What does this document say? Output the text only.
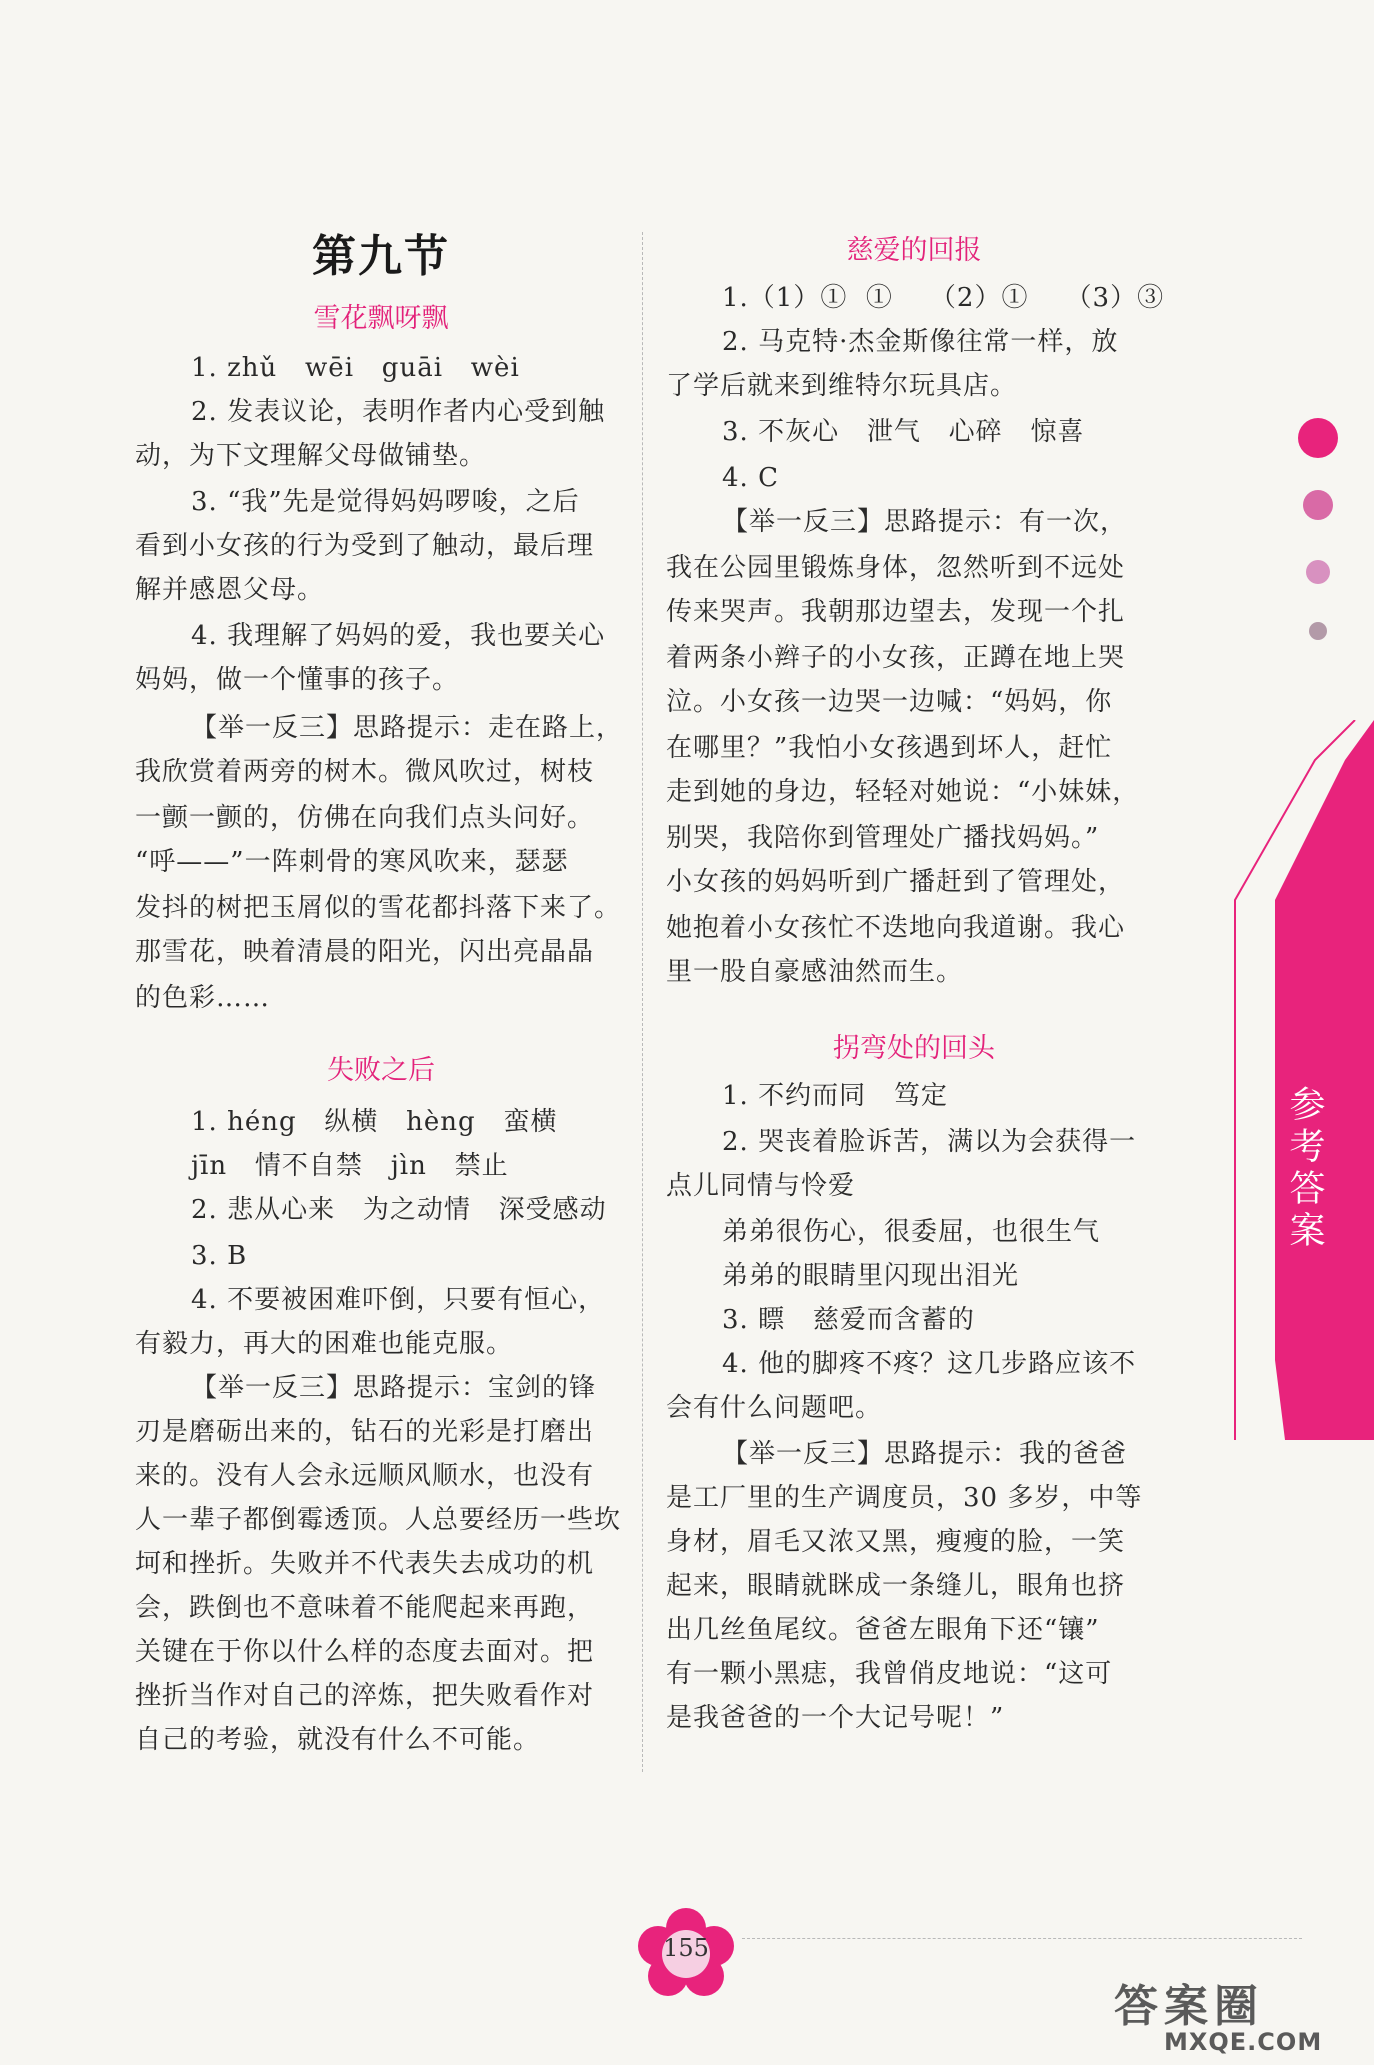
第九节
雪花飘呀飘
1. zhǔ   wēi   guāi   wèi
2. 发表议论，表明作者内心受到触
动，为下文理解父母做铺垫。
3. “我”先是觉得妈妈啰唆，之后
看到小女孩的行为受到了触动，最后理
解并感恩父母。
4. 我理解了妈妈的爱，我也要关心
妈妈，做一个懂事的孩子。
【举一反三】思路提示：走在路上，
我欣赏着两旁的树木。微风吹过，树枝
一颤一颤的，仿佛在向我们点头问好。
“呼——”一阵刺骨的寒风吹来，瑟瑟
发抖的树把玉屑似的雪花都抖落下来了。
那雪花，映着清晨的阳光，闪出亮晶晶
的色彩……
失败之后
1. héng   纵横   hèng   蛮横
jīn   情不自禁   jìn   禁止
2. 悲从心来   为之动情   深受感动
3. B
4. 不要被困难吓倒，只要有恒心，
有毅力，再大的困难也能克服。
【举一反三】思路提示：宝剑的锋
刃是磨砺出来的，钻石的光彩是打磨出
来的。没有人会永远顺风顺水，也没有
人一辈子都倒霉透顶。人总要经历一些坎
坷和挫折。失败并不代表失去成功的机
会，跌倒也不意味着不能爬起来再跑，
关键在于你以什么样的态度去面对。把
挫折当作对自己的淬炼，把失败看作对
自己的考验，就没有什么不可能。
慈爱的回报
1.（1）①  ①    （2）①    （3）③
2. 马克特·杰金斯像往常一样，放
了学后就来到维特尔玩具店。
3. 不灰心   泄气   心碎   惊喜
4. C
【举一反三】思路提示：有一次，
我在公园里锻炼身体，忽然听到不远处
传来哭声。我朝那边望去，发现一个扎
着两条小辫子的小女孩，正蹲在地上哭
泣。小女孩一边哭一边喊：“妈妈，你
在哪里？”我怕小女孩遇到坏人，赶忙
走到她的身边，轻轻对她说：“小妹妹，
别哭，我陪你到管理处广播找妈妈。”
小女孩的妈妈听到广播赶到了管理处，
她抱着小女孩忙不迭地向我道谢。我心
里一股自豪感油然而生。
拐弯处的回头
1. 不约而同   笃定
2. 哭丧着脸诉苦，满以为会获得一
点儿同情与怜爱
弟弟很伤心，很委屈，也很生气
弟弟的眼睛里闪现出泪光
3. 瞟   慈爱而含蓄的
4. 他的脚疼不疼？这几步路应该不
会有什么问题吧。
【举一反三】思路提示：我的爸爸
是工厂里的生产调度员，30 多岁，中等
身材，眉毛又浓又黑，瘦瘦的脸，一笑
起来，眼睛就眯成一条缝儿，眼角也挤
出几丝鱼尾纹。爸爸左眼角下还“镶”
有一颗小黑痣，我曾俏皮地说：“这可
是我爸爸的一个大记号呢！”
参考答案
155
答案圈
MXQE.COM
